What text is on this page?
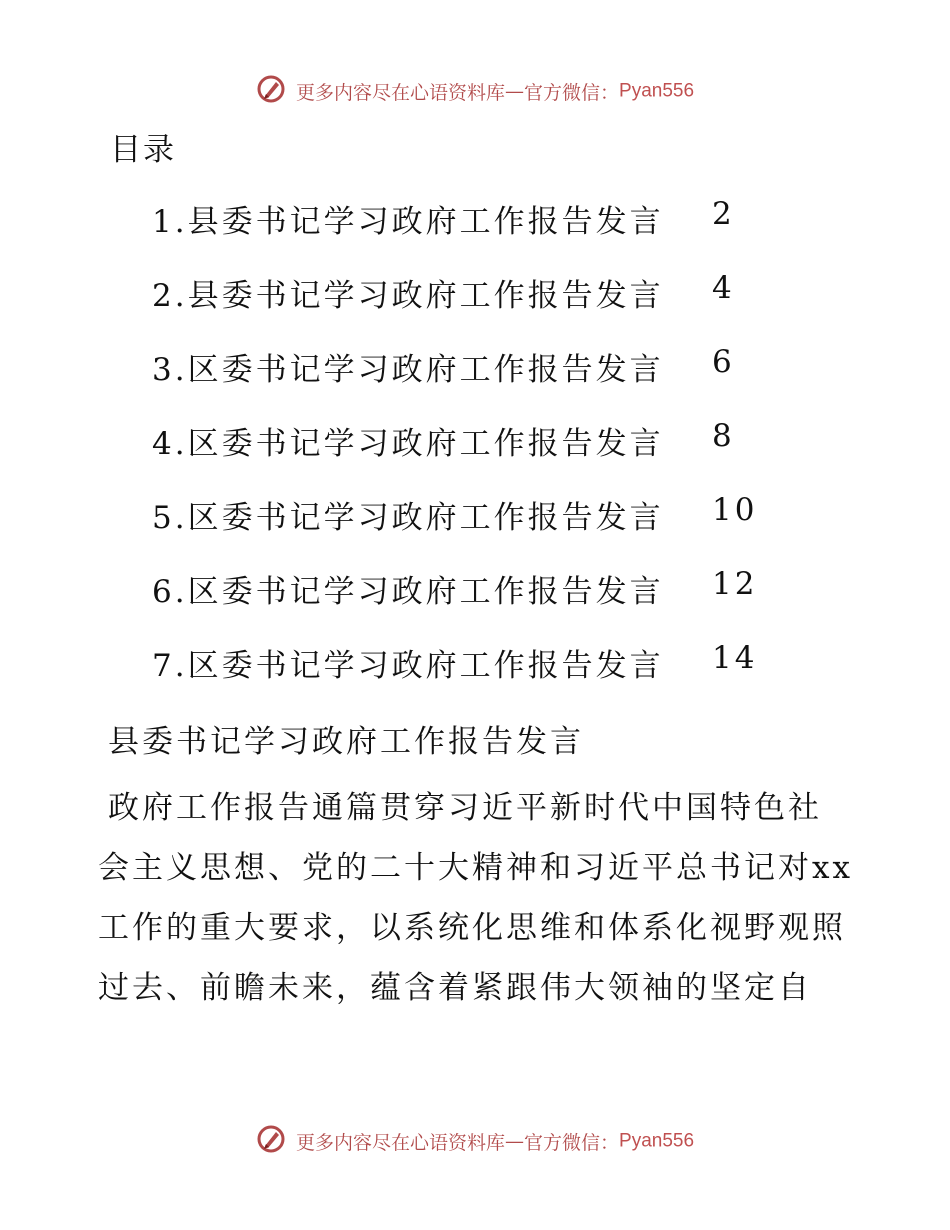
更多内容尽在心语资料库—官方微信：Pyan556
目录
1.县委书记学习政府工作报告发言 2
2.县委书记学习政府工作报告发言 4
3.区委书记学习政府工作报告发言 6
4.区委书记学习政府工作报告发言 8
5.区委书记学习政府工作报告发言 10
6.区委书记学习政府工作报告发言 12
7.区委书记学习政府工作报告发言 14
县委书记学习政府工作报告发言
政府工作报告通篇贯穿习近平新时代中国特色社
会主义思想、党的二十大精神和习近平总书记对xx
工作的重大要求，以系统化思维和体系化视野观照
过去、前瞻未来，蕴含着紧跟伟大领袖的坚定自
更多内容尽在心语资料库—官方微信：Pyan556
